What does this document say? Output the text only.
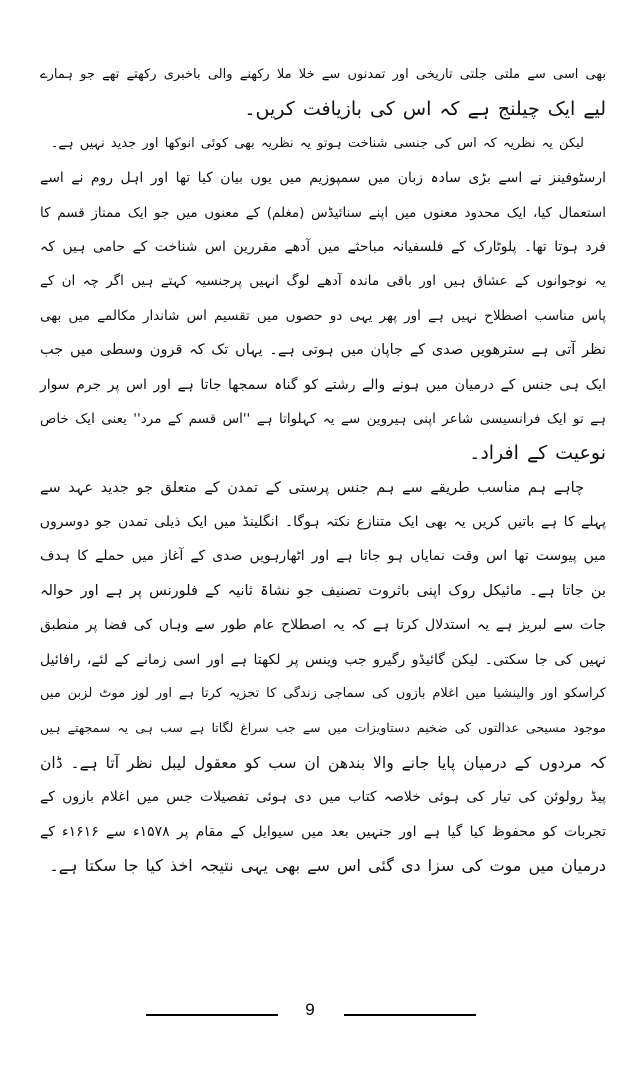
بھی اسی سے ملتی جلتی تاریخی اور تمدنوں سے خلا ملا رکھنے والی باخبری رکھتے تھے جو ہمارے
لیے ایک چیلنج ہے کہ اس کی بازیافت کریں۔
لیکن یہ نظریہ کہ اس کی جنسی شناخت ہوتو یہ نظریہ بھی کوئی انوکھا اور جدید نہیں ہے۔
ارسٹوفینز نے اسے بڑی سادہ زبان میں سمپوزیم میں یوں بیان کیا تھا اور اہل روم نے اسے
استعمال کیا، ایک محدود معنوں میں اپنے سنائیڈس (مغلم) کے معنوں میں جو ایک ممتاز قسم کا
فرد ہوتا تھا۔ پلوٹارک کے فلسفیانہ مباحثے میں آدھے مقررین اس شناخت کے حامی ہیں کہ
یہ نوجوانوں کے عشاق ہیں اور باقی ماندہ آدھے لوگ انہیں پرجنسیہ کہتے ہیں اگر چہ ان کے
پاس مناسب اصطلاح نہیں ہے اور پھر یہی دو حصوں میں تقسیم اس شاندار مکالمے میں بھی
نظر آتی ہے سترھویں صدی کے جاپان میں ہوتی ہے۔ یہاں تک کہ قرون وسطی میں جب
ایک ہی جنس کے درمیان میں ہونے والے رشتے کو گناہ سمجھا جاتا ہے اور اس پر جرم سوار
ہے تو ایک فرانسیسی شاعر اپنی ہیروین سے یہ کہلواتا ہے ''اس قسم کے مرد'' یعنی ایک خاص
نوعیت کے افراد۔
چاہے ہم مناسب طریقے سے ہم جنس پرستی کے تمدن کے متعلق جو جدید عہد سے
پہلے کا ہے باتیں کریں یہ بھی ایک متنازع نکتہ ہوگا۔ انگلینڈ میں ایک ذیلی تمدن جو دوسروں
میں پیوست تھا اس وقت نمایاں ہو جاتا ہے اور اٹھارہویں صدی کے آغاز میں حملے کا ہدف
بن جاتا ہے۔ مائیکل روک اپنی باثروت تصنیف جو نشاۃ ثانیہ کے فلورنس پر ہے اور حوالہ
جات سے لبریز ہے یہ استدلال کرتا ہے کہ یہ اصطلاح عام طور سے وہاں کی فضا پر منطبق
نہیں کی جا سکتی۔ لیکن گائیڈو رگیرو جب وینس پر لکھتا ہے اور اسی زمانے کے لئے، رافائیل
کراسکو اور والینشیا میں اغلام بازوں کی سماجی زندگی کا تجزیہ کرتا ہے اور لوز موٹ لزبن میں
موجود مسیحی عدالتوں کی ضخیم دستاویزات میں سے جب سراغ لگاتا ہے سب ہی یہ سمجھتے ہیں
کہ مردوں کے درمیان پایا جانے والا بندھن ان سب کو معقول لیبل نظر آتا ہے۔ ڈان
پیڈ رولوئن کی تیار کی ہوئی خلاصہ کتاب میں دی ہوئی تفصیلات جس میں اغلام بازوں کے
تجربات کو محفوظ کیا گیا ہے اور جنہیں بعد میں سیوایل کے مقام پر ۱۵۷۸ء سے ۱۶۱۶ء کے
درمیان میں موت کی سزا دی گئی اس سے بھی یہی نتیجہ اخذ کیا جا سکتا ہے۔
9
